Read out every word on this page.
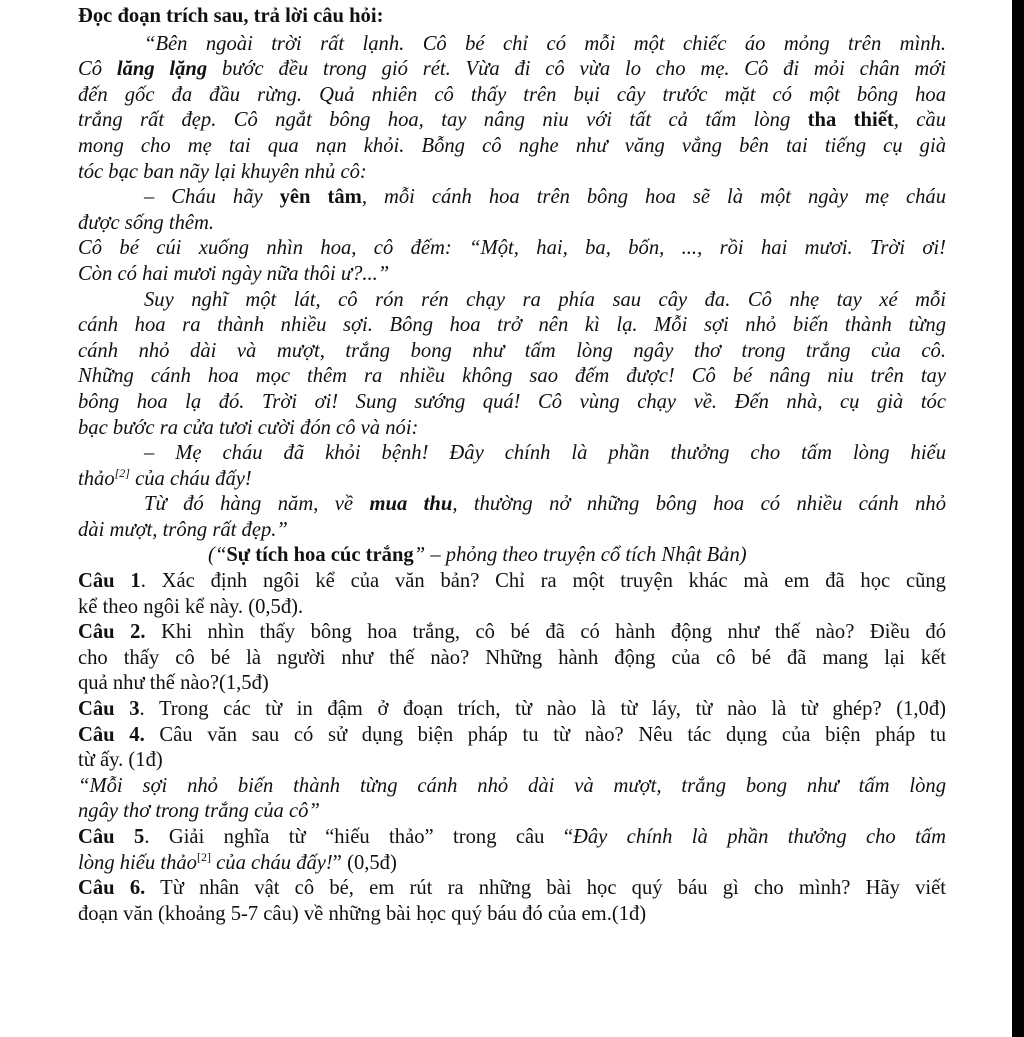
Đọc đoạn trích sau, trả lời câu hỏi:
“Bên ngoài trời rất lạnh. Cô bé chỉ có mỗi một chiếc áo mỏng trên mình.
Cô lăng lặng bước đều trong gió rét. Vừa đi cô vừa lo cho mẹ. Cô đi mỏi chân mới
đến gốc đa đầu rừng. Quả nhiên cô thấy trên bụi cây trước mặt có một bông hoa
trắng rất đẹp. Cô ngắt bông hoa, tay nâng niu với tất cả tấm lòng tha thiết, cầu
mong cho mẹ tai qua nạn khỏi. Bỗng cô nghe như văng vẳng bên tai tiếng cụ già
tóc bạc ban nãy lại khuyên nhủ cô:
– Cháu hãy yên tâm, mỗi cánh hoa trên bông hoa sẽ là một ngày mẹ cháu
được sống thêm.
Cô bé cúi xuống nhìn hoa, cô đếm: “Một, hai, ba, bốn, ..., rồi hai mươi. Trời ơi!
Còn có hai mươi ngày nữa thôi ư?...”
Suy nghĩ một lát, cô rón rén chạy ra phía sau cây đa. Cô nhẹ tay xé mỗi
cánh hoa ra thành nhiều sợi. Bông hoa trở nên kì lạ. Mỗi sợi nhỏ biến thành từng
cánh nhỏ dài và mượt, trắng bong như tấm lòng ngây thơ trong trắng của cô.
Những cánh hoa mọc thêm ra nhiều không sao đếm được! Cô bé nâng niu trên tay
bông hoa lạ đó. Trời ơi! Sung sướng quá! Cô vùng chạy về. Đến nhà, cụ già tóc
bạc bước ra cửa tươi cười đón cô và nói:
– Mẹ cháu đã khỏi bệnh! Đây chính là phần thưởng cho tấm lòng hiếu
thảo[2] của cháu đấy!
Từ đó hàng năm, về mua thu, thường nở những bông hoa có nhiều cánh nhỏ
dài mượt, trông rất đẹp.”
(“Sự tích hoa cúc trắng” – phỏng theo truyện cổ tích Nhật Bản)
Câu 1. Xác định ngôi kể của văn bản? Chỉ ra một truyện khác mà em đã học cũng
kể theo ngôi kể này. (0,5đ).
Câu 2. Khi nhìn thấy bông hoa trắng, cô bé đã có hành động như thế nào? Điều đó
cho thấy cô bé là người như thế nào? Những hành động của cô bé đã mang lại kết
quả như thế nào?(1,5đ)
Câu 3. Trong các từ in đậm ở đoạn trích, từ nào là từ láy, từ nào là từ ghép? (1,0đ)
Câu 4. Câu văn sau có sử dụng biện pháp tu từ nào? Nêu tác dụng của biện pháp tu
từ ấy. (1đ)
“Mỗi sợi nhỏ biến thành từng cánh nhỏ dài và mượt, trắng bong như tấm lòng
ngây thơ trong trắng của cô”
Câu 5. Giải nghĩa từ “hiếu thảo” trong câu “Đây chính là phần thưởng cho tấm
lòng hiếu thảo[2] của cháu đấy!” (0,5đ)
Câu 6. Từ nhân vật cô bé, em rút ra những bài học quý báu gì cho mình? Hãy viết
đoạn văn (khoảng 5-7 câu) về những bài học quý báu đó của em.(1đ)
